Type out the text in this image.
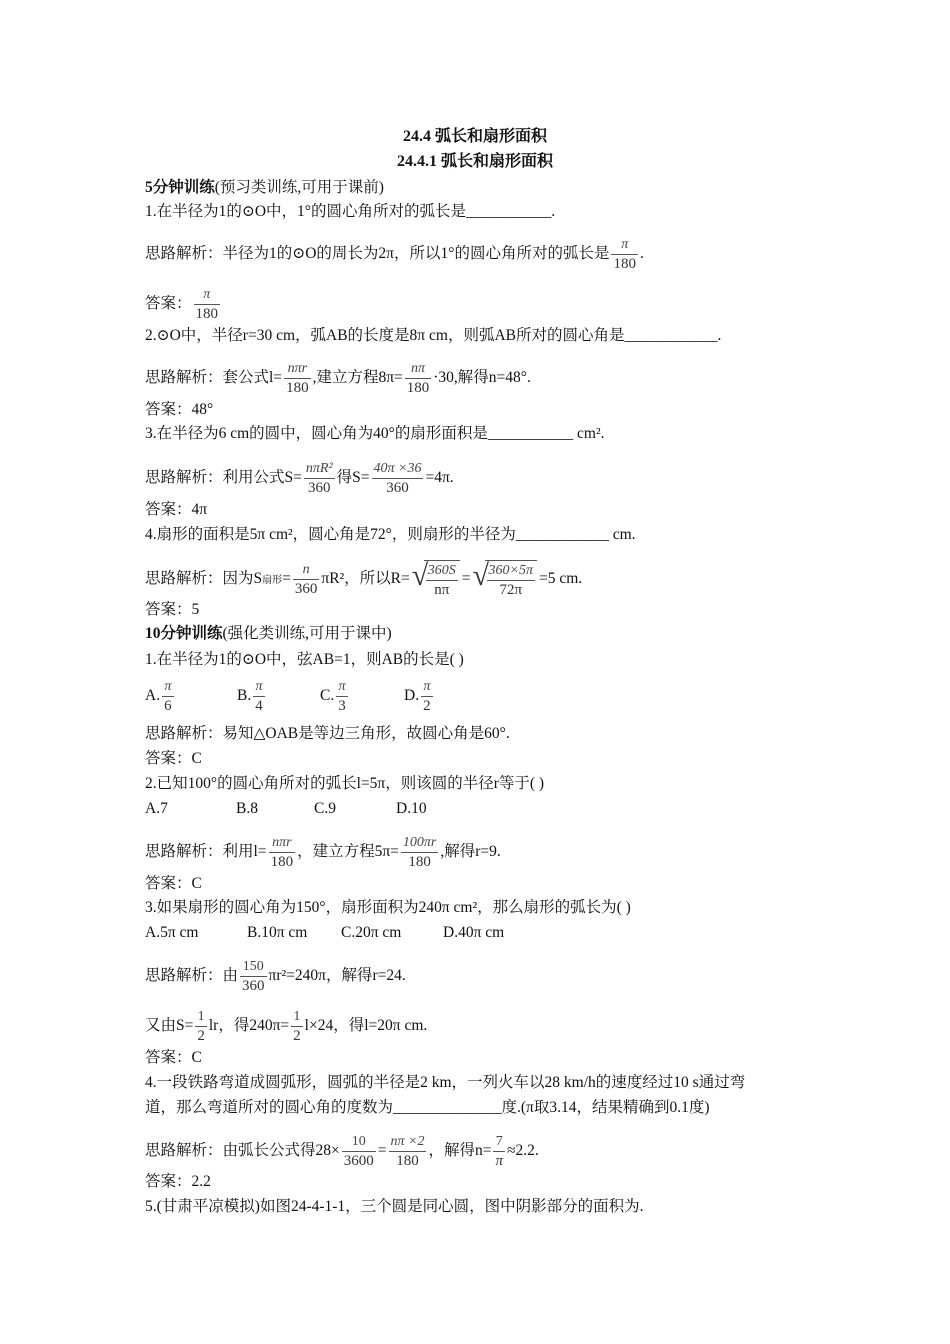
24.4 弧长和扇形面积
24.4.1 弧长和扇形面积
5分钟训练(预习类训练,可用于课前)
1.在半径为1的⊙O中，1°的圆心角所对的弧长是___________.
思路解析：半径为1的⊙O的周长为2π，所以1°的圆心角所对的弧长是 $\frac{\pi}{180}$ .
答案： $\frac{\pi}{180}$
2.⊙O中，半径r=30 cm，弧AB的长度是8π cm，则弧AB所对的圆心角是____________.
思路解析：套公式$l= \frac{\text{nπr}}{180}$ ,建立方程$8\pi= \frac{n\pi}{180} \cdot 30$,解得n=48°.
答案：48°
3.在半径为6 cm的圆中，圆心角为40°的扇形面积是___________ cm².
思路解析：利用公式$S= \frac{\text{nπR²}}{360}$ 得$S= \frac{40\pi \times 36}{360} =4\pi$.
答案：4π
4.扇形的面积是5π cm²，圆心角是72°，则扇形的半径为____________ cm.
思路解析：因为S扇形= $\frac{n}{360} \pi R^2$，所以R= √
$\frac{360S}{n\pi}$ = √
$\frac{360\times 5\pi}{72\pi} =5$ cm.
答案：5
10分钟训练(强化类训练,可用于课中)
1.在半径为1的⊙O中，弦AB=1，则AB的长是( )
A. $\frac{\pi}{6}$	B. $\frac{\pi}{4}$	C. $\frac{\pi}{3}$	D. $\frac{\pi}{2}$
思路解析：易知△OAB是等边三角形，故圆心角是60°.
答案：C
2.已知100°的圆心角所对的弧长l=5π，则该圆的半径r等于( )
A.7	B.8	C.9	D.10
思路解析：利用$l= \frac{\text{nπr}}{180}$ ，建立方程$5\pi= \frac{100\pi r}{180}$ ,解得r=9.
答案：C
3.如果扇形的圆心角为150°，扇形面积为240π cm²，那么扇形的弧长为( )
A.5π cm	B.10π cm C.20π cm	D.40π cm
思路解析：由 $\frac{150}{360} \pi r^2=240\pi$，解得r=24.
又由$S= \frac{1}{2}$ lr，得$240\pi= \frac{1}{2} l\times 24$，得l=20π cm.
答案：C
4.一段铁路弯道成圆弧形，圆弧的半径是2 km，一列火车以28 km/h的速度经过10 s通过弯
道，那么弯道所对的圆心角的度数为______________度.(π取3.14，结果精确到0.1度)
思路解析：由弧长公式得$28\times \frac{10}{3600} = \frac{n\pi \times 2}{180}$ ，解得$n= \frac{7}{\pi} \approx 2.2$.
答案：2.2
5.(甘肃平凉模拟)如图24-4-1-1，三个圆是同心圆，图中阴影部分的面积为.
